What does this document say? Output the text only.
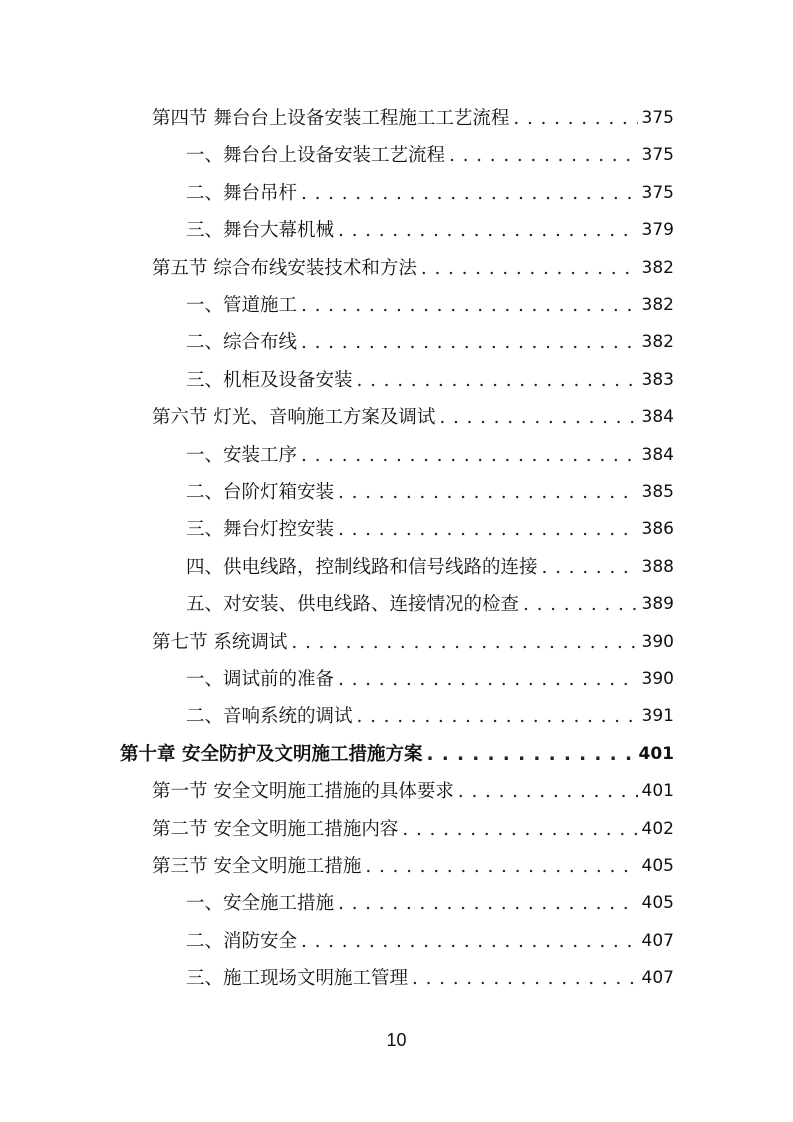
第四节 舞台台上设备安装工程施工工艺流程 . . .	375
一、舞台台上设备安装工艺流程 . . .	375
二、舞台吊杆 . . .	375
三、舞台大幕机械 . . .	379
第五节 综合布线安装技术和方法 . . .	382
一、管道施工 . . .	382
二、综合布线 . . .	382
三、机柜及设备安装 . . .	383
第六节 灯光、音响施工方案及调试 . . .	384
一、安装工序 . . .	384
二、台阶灯箱安装 . . .	385
三、舞台灯控安装 . . .	386
四、供电线路，控制线路和信号线路的连接 . . .	388
五、对安装、供电线路、连接情况的检查 . . .	389
第七节 系统调试 . . .	390
一、调试前的准备 . . .	390
二、音响系统的调试 . . .	391
第十章 安全防护及文明施工措施方案 . . .	401
第一节 安全文明施工措施的具体要求 . . .	401
第二节 安全文明施工措施内容 . . .	402
第三节 安全文明施工措施 . . .	405
一、安全施工措施 . . .	405
二、消防安全 . . .	407
三、施工现场文明施工管理 . . .	407
10
